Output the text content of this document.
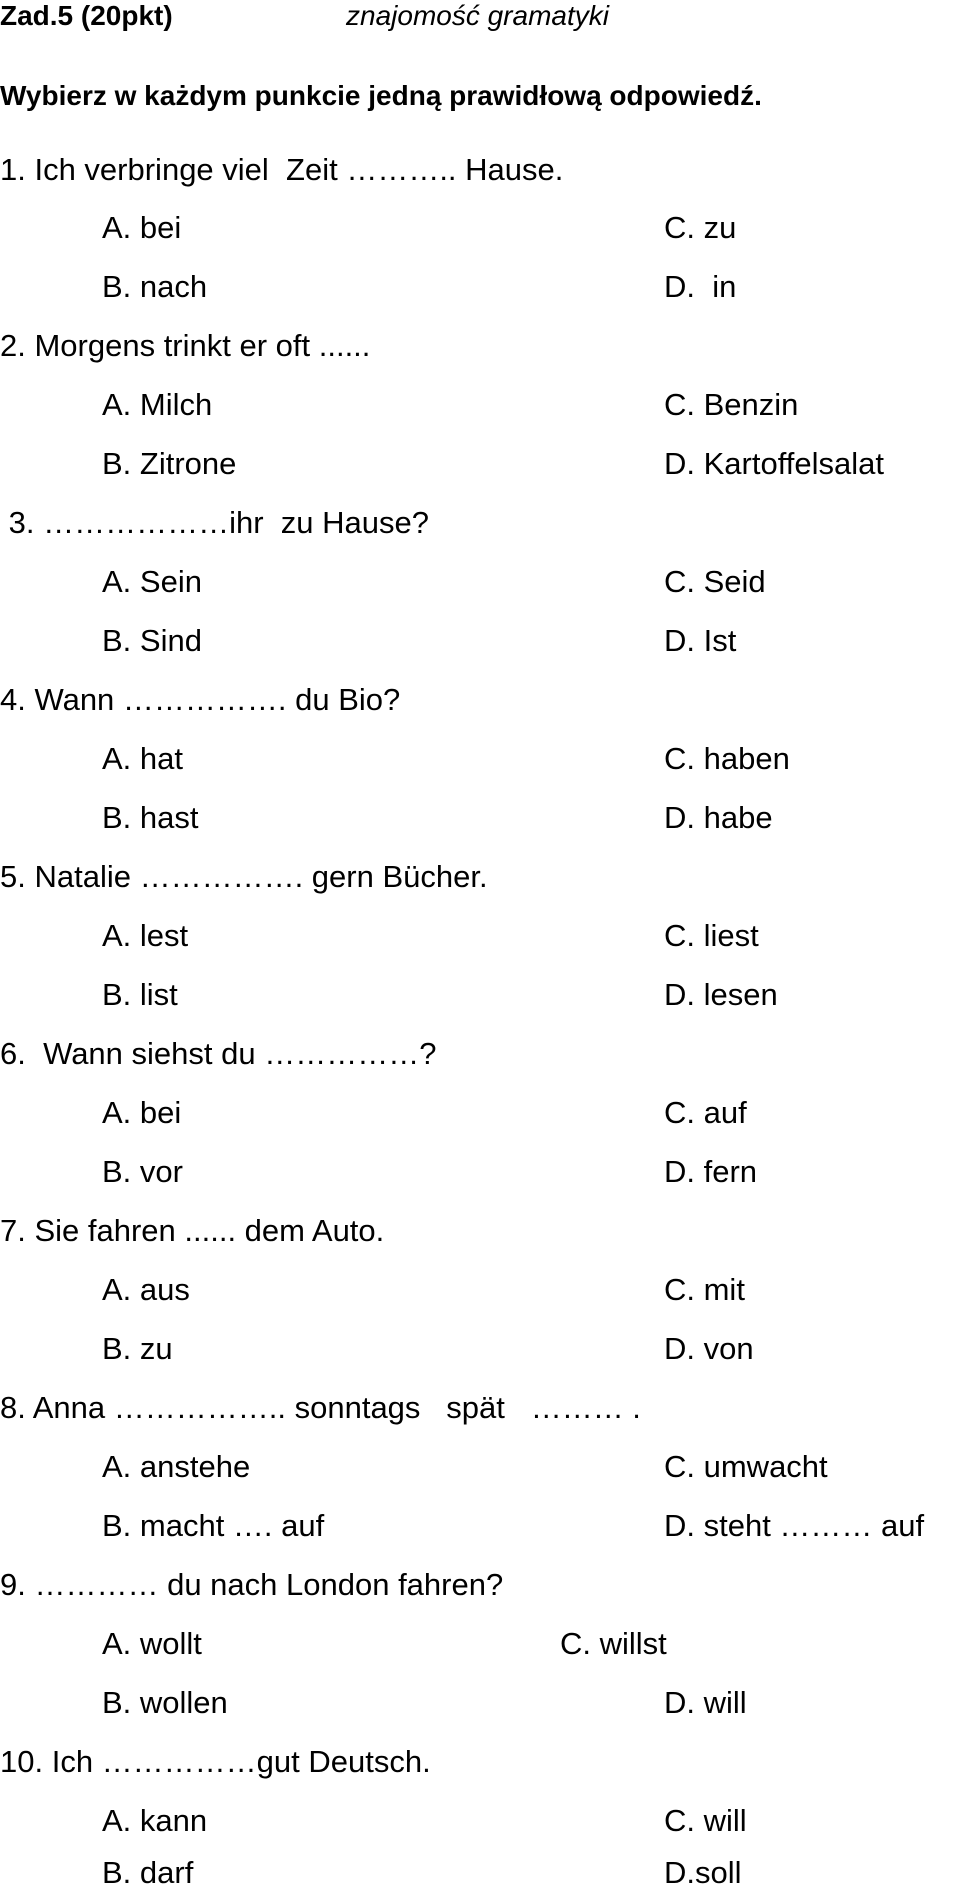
Zad.5 (20pkt)	znajomość gramatyki
Wybierz w każdym punkcie jedną prawidłową odpowiedź.
1. Ich verbringe viel  Zeit ……….. Hause.
A. bei	C. zu
B. nach	D.  in
2. Morgens trinkt er oft ......
A. Milch	C. Benzin
B. Zitrone	D. Kartoffelsalat
3. ………………ihr  zu Hause?
A. Sein	C. Seid
B. Sind	D. Ist
4. Wann ……………. du Bio?
A. hat	C. haben
B. hast	D. habe
5. Natalie ……………. gern Bücher.
A. lest	C. liest
B. list	D. lesen
6.  Wann siehst du ……………?
A. bei	C. auf
B. vor	D. fern
7. Sie fahren ...... dem Auto.
A. aus	C. mit
B. zu	D. von
8. Anna …………….. sonntags   spät   ……… .
A. anstehe	C. umwacht
B. macht …. auf	D. steht ……… auf
9. ………… du nach London fahren?
A. wollt	C. willst
B. wollen	D. will
10. Ich ……………gut Deutsch.
A. kann	C. will
B. darf	D.soll
